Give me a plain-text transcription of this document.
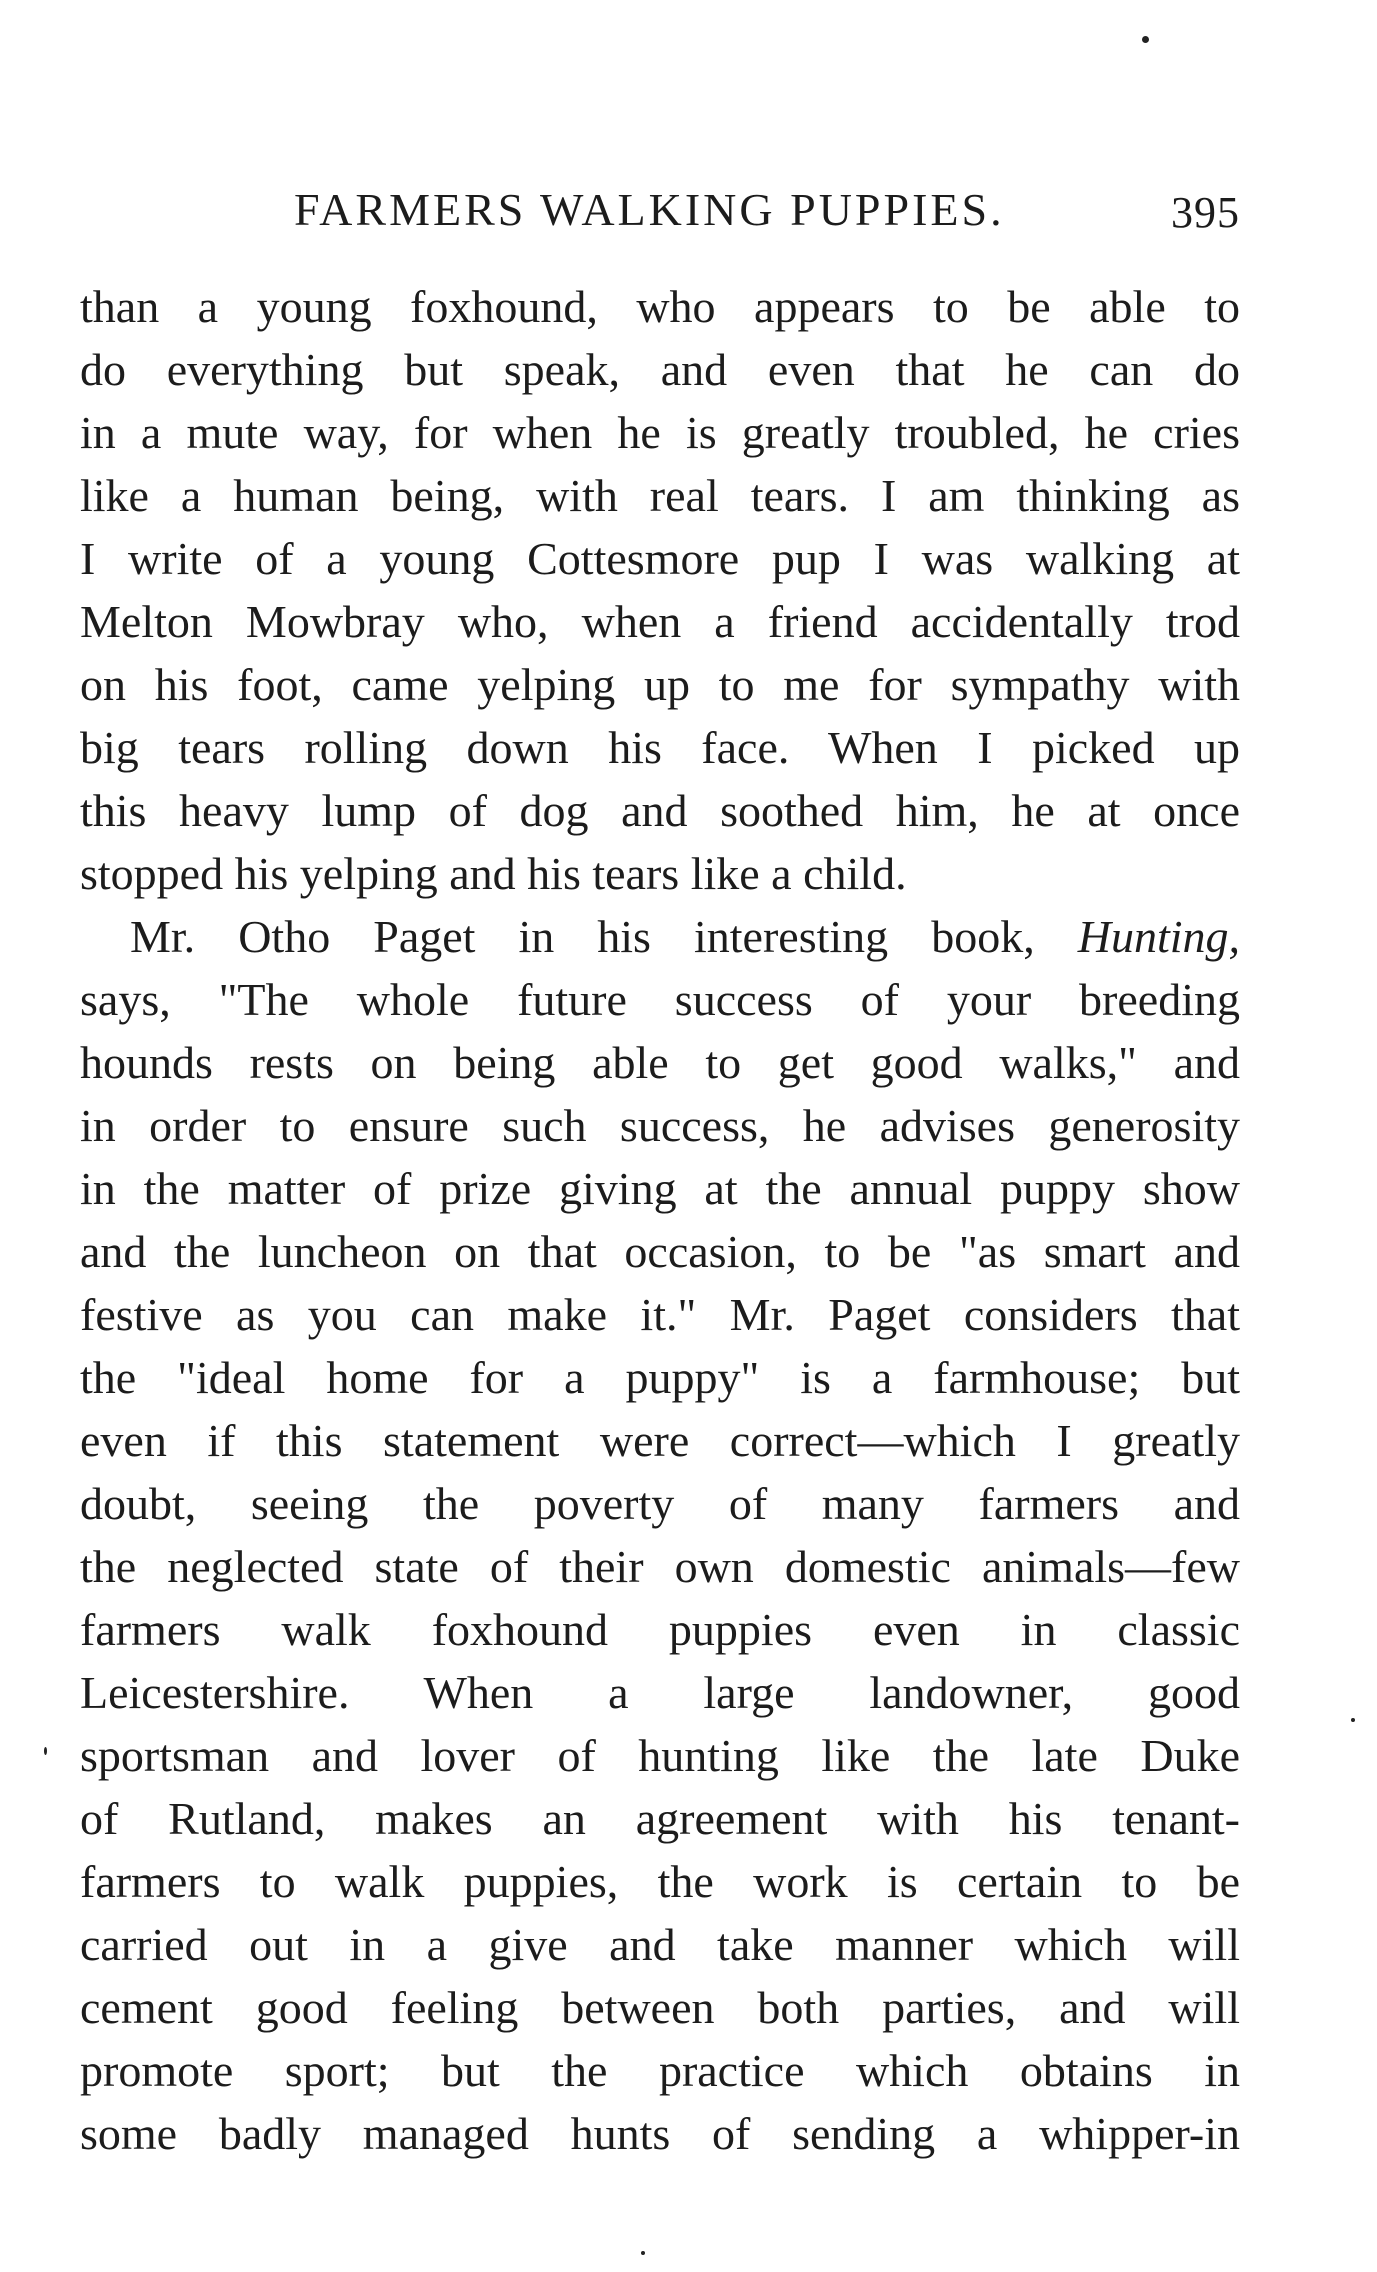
FARMERS WALKING PUPPIES.	395
than a young foxhound, who appears to be able to
do everything but speak, and even that he can do
in a mute way, for when he is greatly troubled, he cries
like a human being, with real tears. I am thinking as
I write of a young Cottesmore pup I was walking at
Melton Mowbray who, when a friend accidentally trod
on his foot, came yelping up to me for sympathy with
big tears rolling down his face. When I picked up
this heavy lump of dog and soothed him, he at once
stopped his yelping and his tears like a child.
Mr. Otho Paget in his interesting book, Hunting,
says, "The whole future success of your breeding
hounds rests on being able to get good walks," and
in order to ensure such success, he advises generosity
in the matter of prize giving at the annual puppy show
and the luncheon on that occasion, to be "as smart and
festive as you can make it." Mr. Paget considers that
the "ideal home for a puppy" is a farmhouse; but
even if this statement were correct—which I greatly
doubt, seeing the poverty of many farmers and
the neglected state of their own domestic animals—few
farmers walk foxhound puppies even in classic
Leicestershire. When a large landowner, good
sportsman and lover of hunting like the late Duke
of Rutland, makes an agreement with his tenant-
farmers to walk puppies, the work is certain to be
carried out in a give and take manner which will
cement good feeling between both parties, and will
promote sport; but the practice which obtains in
some badly managed hunts of sending a whipper-in
